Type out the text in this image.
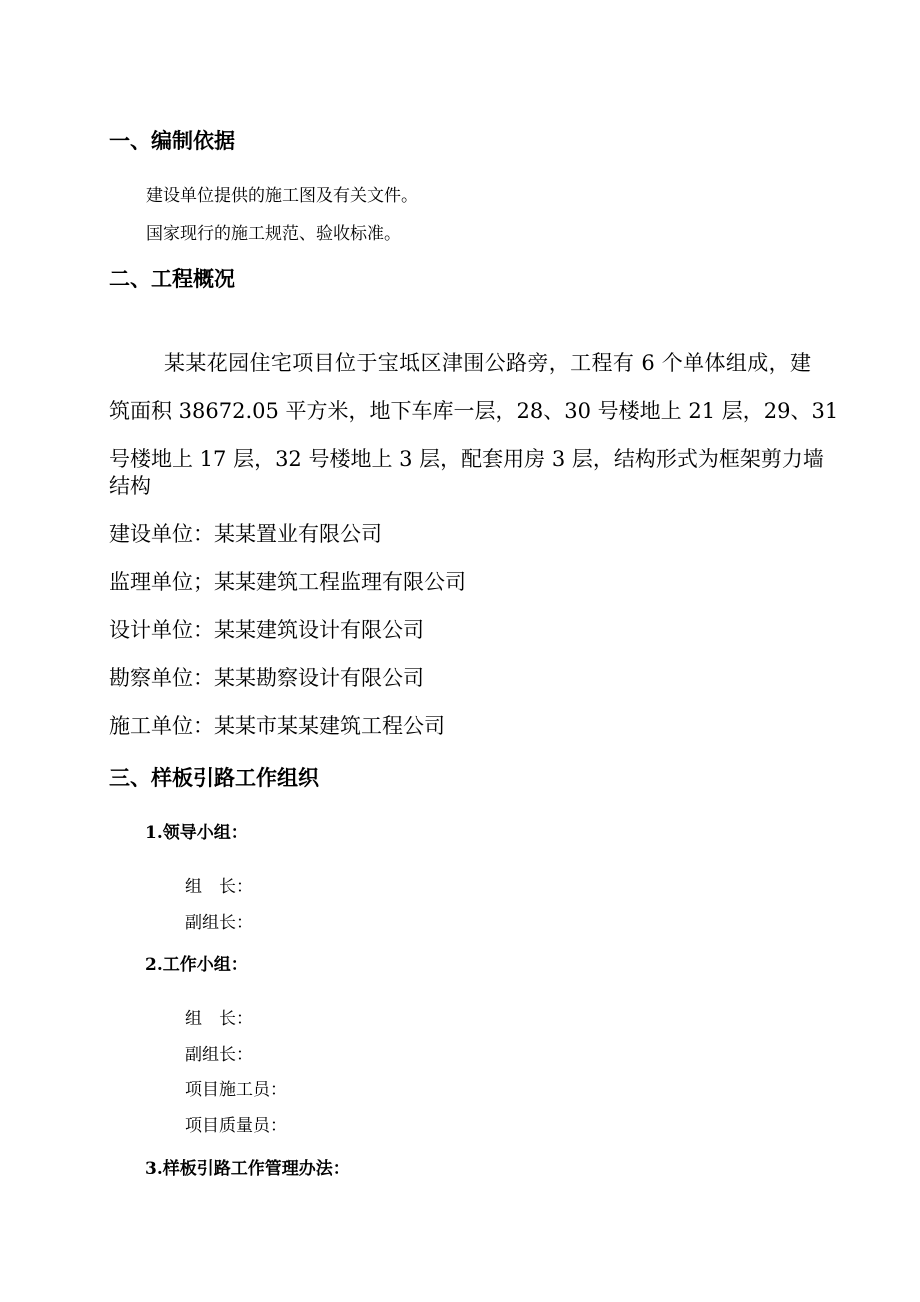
一、编制依据

建设单位提供的施工图及有关文件。

国家现行的施工规范、验收标准。

二、工程概况

某某花园住宅项目位于宝坻区津围公路旁，工程有 6 个单体组成，建

筑面积 38672.05 平方米，地下车库一层，28、30 号楼地上 21 层，29、31

号楼地上 17 层，32 号楼地上 3 层，配套用房 3 层，结构形式为框架剪力墙

结构

建设单位：某某置业有限公司

监理单位；某某建筑工程监理有限公司

设计单位：某某建筑设计有限公司

勘察单位：某某勘察设计有限公司

施工单位：某某市某某建筑工程公司

三、样板引路工作组织

1.领导小组：

组　长：

副组长：

2.工作小组：

组　长：

副组长：

项目施工员：

项目质量员：

3.样板引路工作管理办法：
